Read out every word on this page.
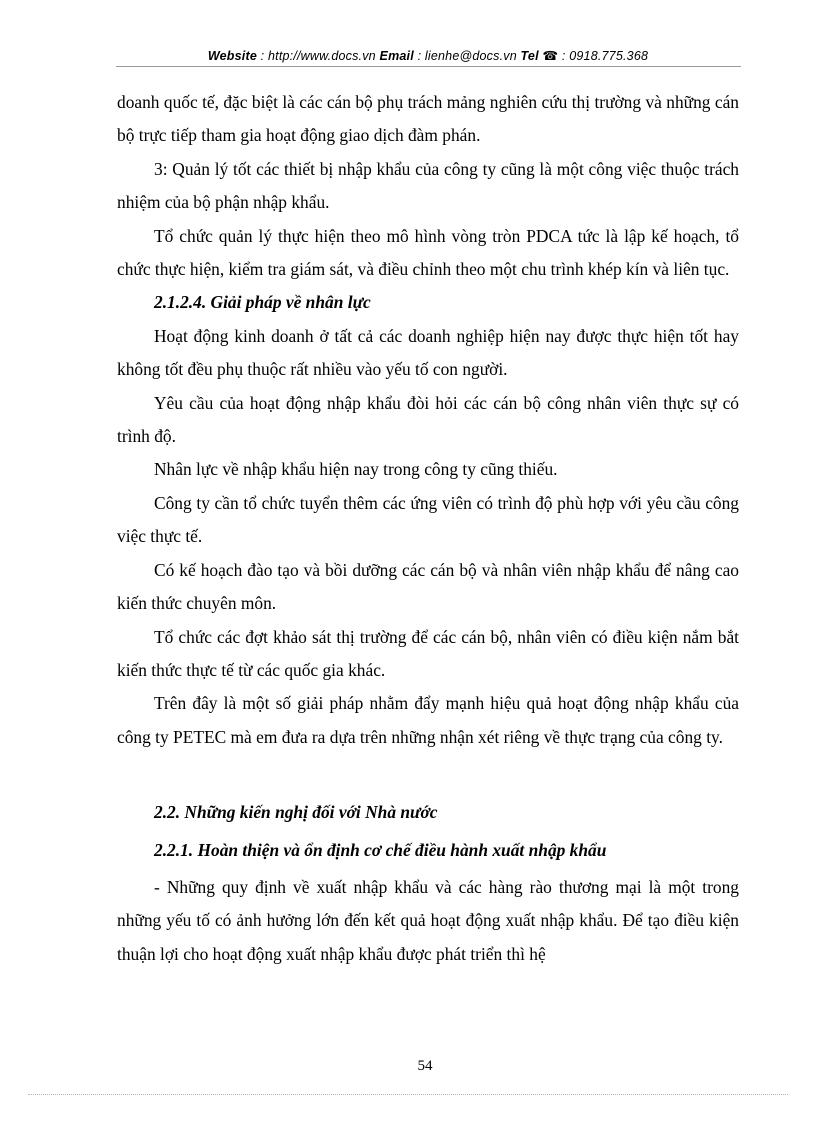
Website : http://www.docs.vn Email : lienhe@docs.vn Tel ☎ : 0918.775.368

doanh quốc tế, đặc biệt là các cán bộ phụ trách mảng nghiên cứu thị trường và những cán bộ trực tiếp tham gia hoạt động giao dịch đàm phán.

3: Quản lý tốt các thiết bị nhập khẩu của công ty cũng là một công việc thuộc trách nhiệm của bộ phận nhập khẩu.

Tổ chức quản lý thực hiện theo mô hình vòng tròn PDCA tức là lập kế hoạch, tổ chức thực hiện, kiểm tra giám sát, và điều chỉnh theo một chu trình khép kín và liên tục.

2.1.2.4. Giải pháp về nhân lực

Hoạt động kinh doanh ở tất cả các doanh nghiệp hiện nay được thực hiện tốt hay không tốt đều phụ thuộc rất nhiều vào yếu tố con người.

Yêu cầu của hoạt động nhập khẩu đòi hỏi các cán bộ công nhân viên thực sự có trình độ.

Nhân lực về nhập khẩu hiện nay trong công ty cũng thiếu.

Công ty cần tổ chức tuyển thêm các ứng viên có trình độ phù hợp với yêu cầu công việc thực tế.

Có kế hoạch đào tạo và bồi dưỡng các cán bộ và nhân viên nhập khẩu để nâng cao kiến thức chuyên môn.

Tổ chức các đợt khảo sát thị trường để các cán bộ, nhân viên có điều kiện nắm bắt kiến thức thực tế từ các quốc gia khác.

Trên đây là một số giải pháp nhằm đẩy mạnh hiệu quả hoạt động nhập khẩu của công ty PETEC mà em đưa ra dựa trên những nhận xét riêng về thực trạng của công ty.

2.2. Những kiến nghị đối với Nhà nước

2.2.1. Hoàn thiện và ổn định cơ chế điều hành xuất nhập khẩu

- Những quy định về xuất nhập khẩu và các hàng rào thương mại là một trong những yếu tố có ảnh hưởng lớn đến kết quả hoạt động xuất nhập khẩu. Để tạo điều kiện thuận lợi cho hoạt động xuất nhập khẩu được phát triển thì hệ

54
